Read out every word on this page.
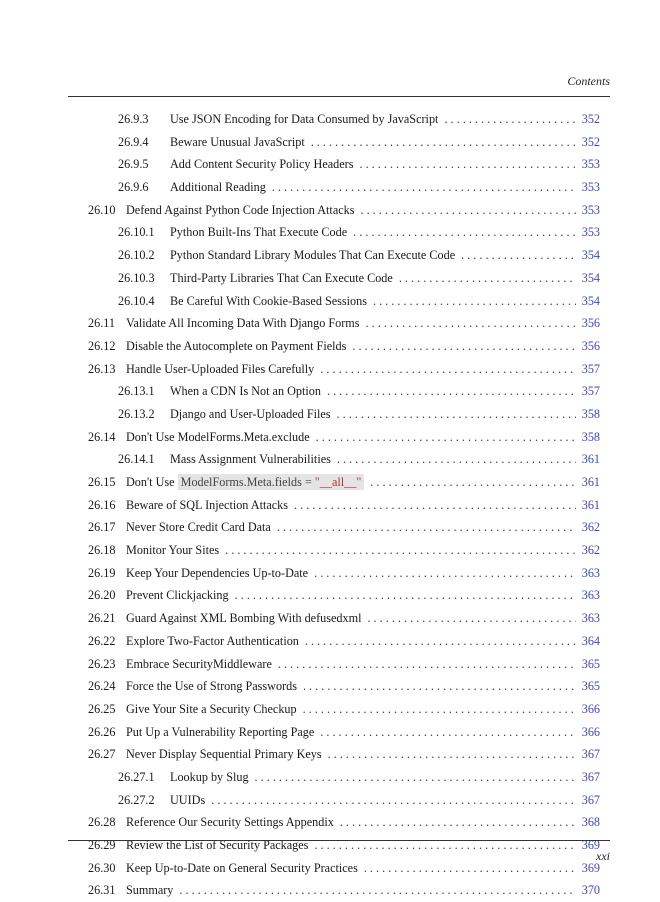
Contents
26.9.3	Use JSON Encoding for Data Consumed by JavaScript . . .	352
26.9.4	Beware Unusual JavaScript . . .	352
26.9.5	Add Content Security Policy Headers . . .	353
26.9.6	Additional Reading . . .	353
26.10 Defend Against Python Code Injection Attacks . . .	353
26.10.1	Python Built-Ins That Execute Code . . .	353
26.10.2	Python Standard Library Modules That Can Execute Code . . .	354
26.10.3	Third-Party Libraries That Can Execute Code . . .	354
26.10.4	Be Careful With Cookie-Based Sessions . . .	354
26.11 Validate All Incoming Data With Django Forms . . .	356
26.12 Disable the Autocomplete on Payment Fields . . .	356
26.13 Handle User-Uploaded Files Carefully . . .	357
26.13.1	When a CDN Is Not an Option . . .	357
26.13.2	Django and User-Uploaded Files . . .	358
26.14 Don't Use ModelForms.Meta.exclude . . .	358
26.14.1	Mass Assignment Vulnerabilities . . .	361
26.15 Don't Use ModelForms.Meta.fields = "__all__" . . .	361
26.16 Beware of SQL Injection Attacks . . .	361
26.17 Never Store Credit Card Data . . .	362
26.18 Monitor Your Sites . . .	362
26.19 Keep Your Dependencies Up-to-Date . . .	363
26.20 Prevent Clickjacking . . .	363
26.21 Guard Against XML Bombing With defusedxml . . .	363
26.22 Explore Two-Factor Authentication . . .	364
26.23 Embrace SecurityMiddleware . . .	365
26.24 Force the Use of Strong Passwords . . .	365
26.25 Give Your Site a Security Checkup . . .	366
26.26 Put Up a Vulnerability Reporting Page . . .	366
26.27 Never Display Sequential Primary Keys . . .	367
26.27.1	Lookup by Slug . . .	367
26.27.2	UUIDs . . .	367
26.28 Reference Our Security Settings Appendix . . .	368
26.29 Review the List of Security Packages . . .	369
26.30 Keep Up-to-Date on General Security Practices . . .	369
26.31 Summary . . .	370
xxi
